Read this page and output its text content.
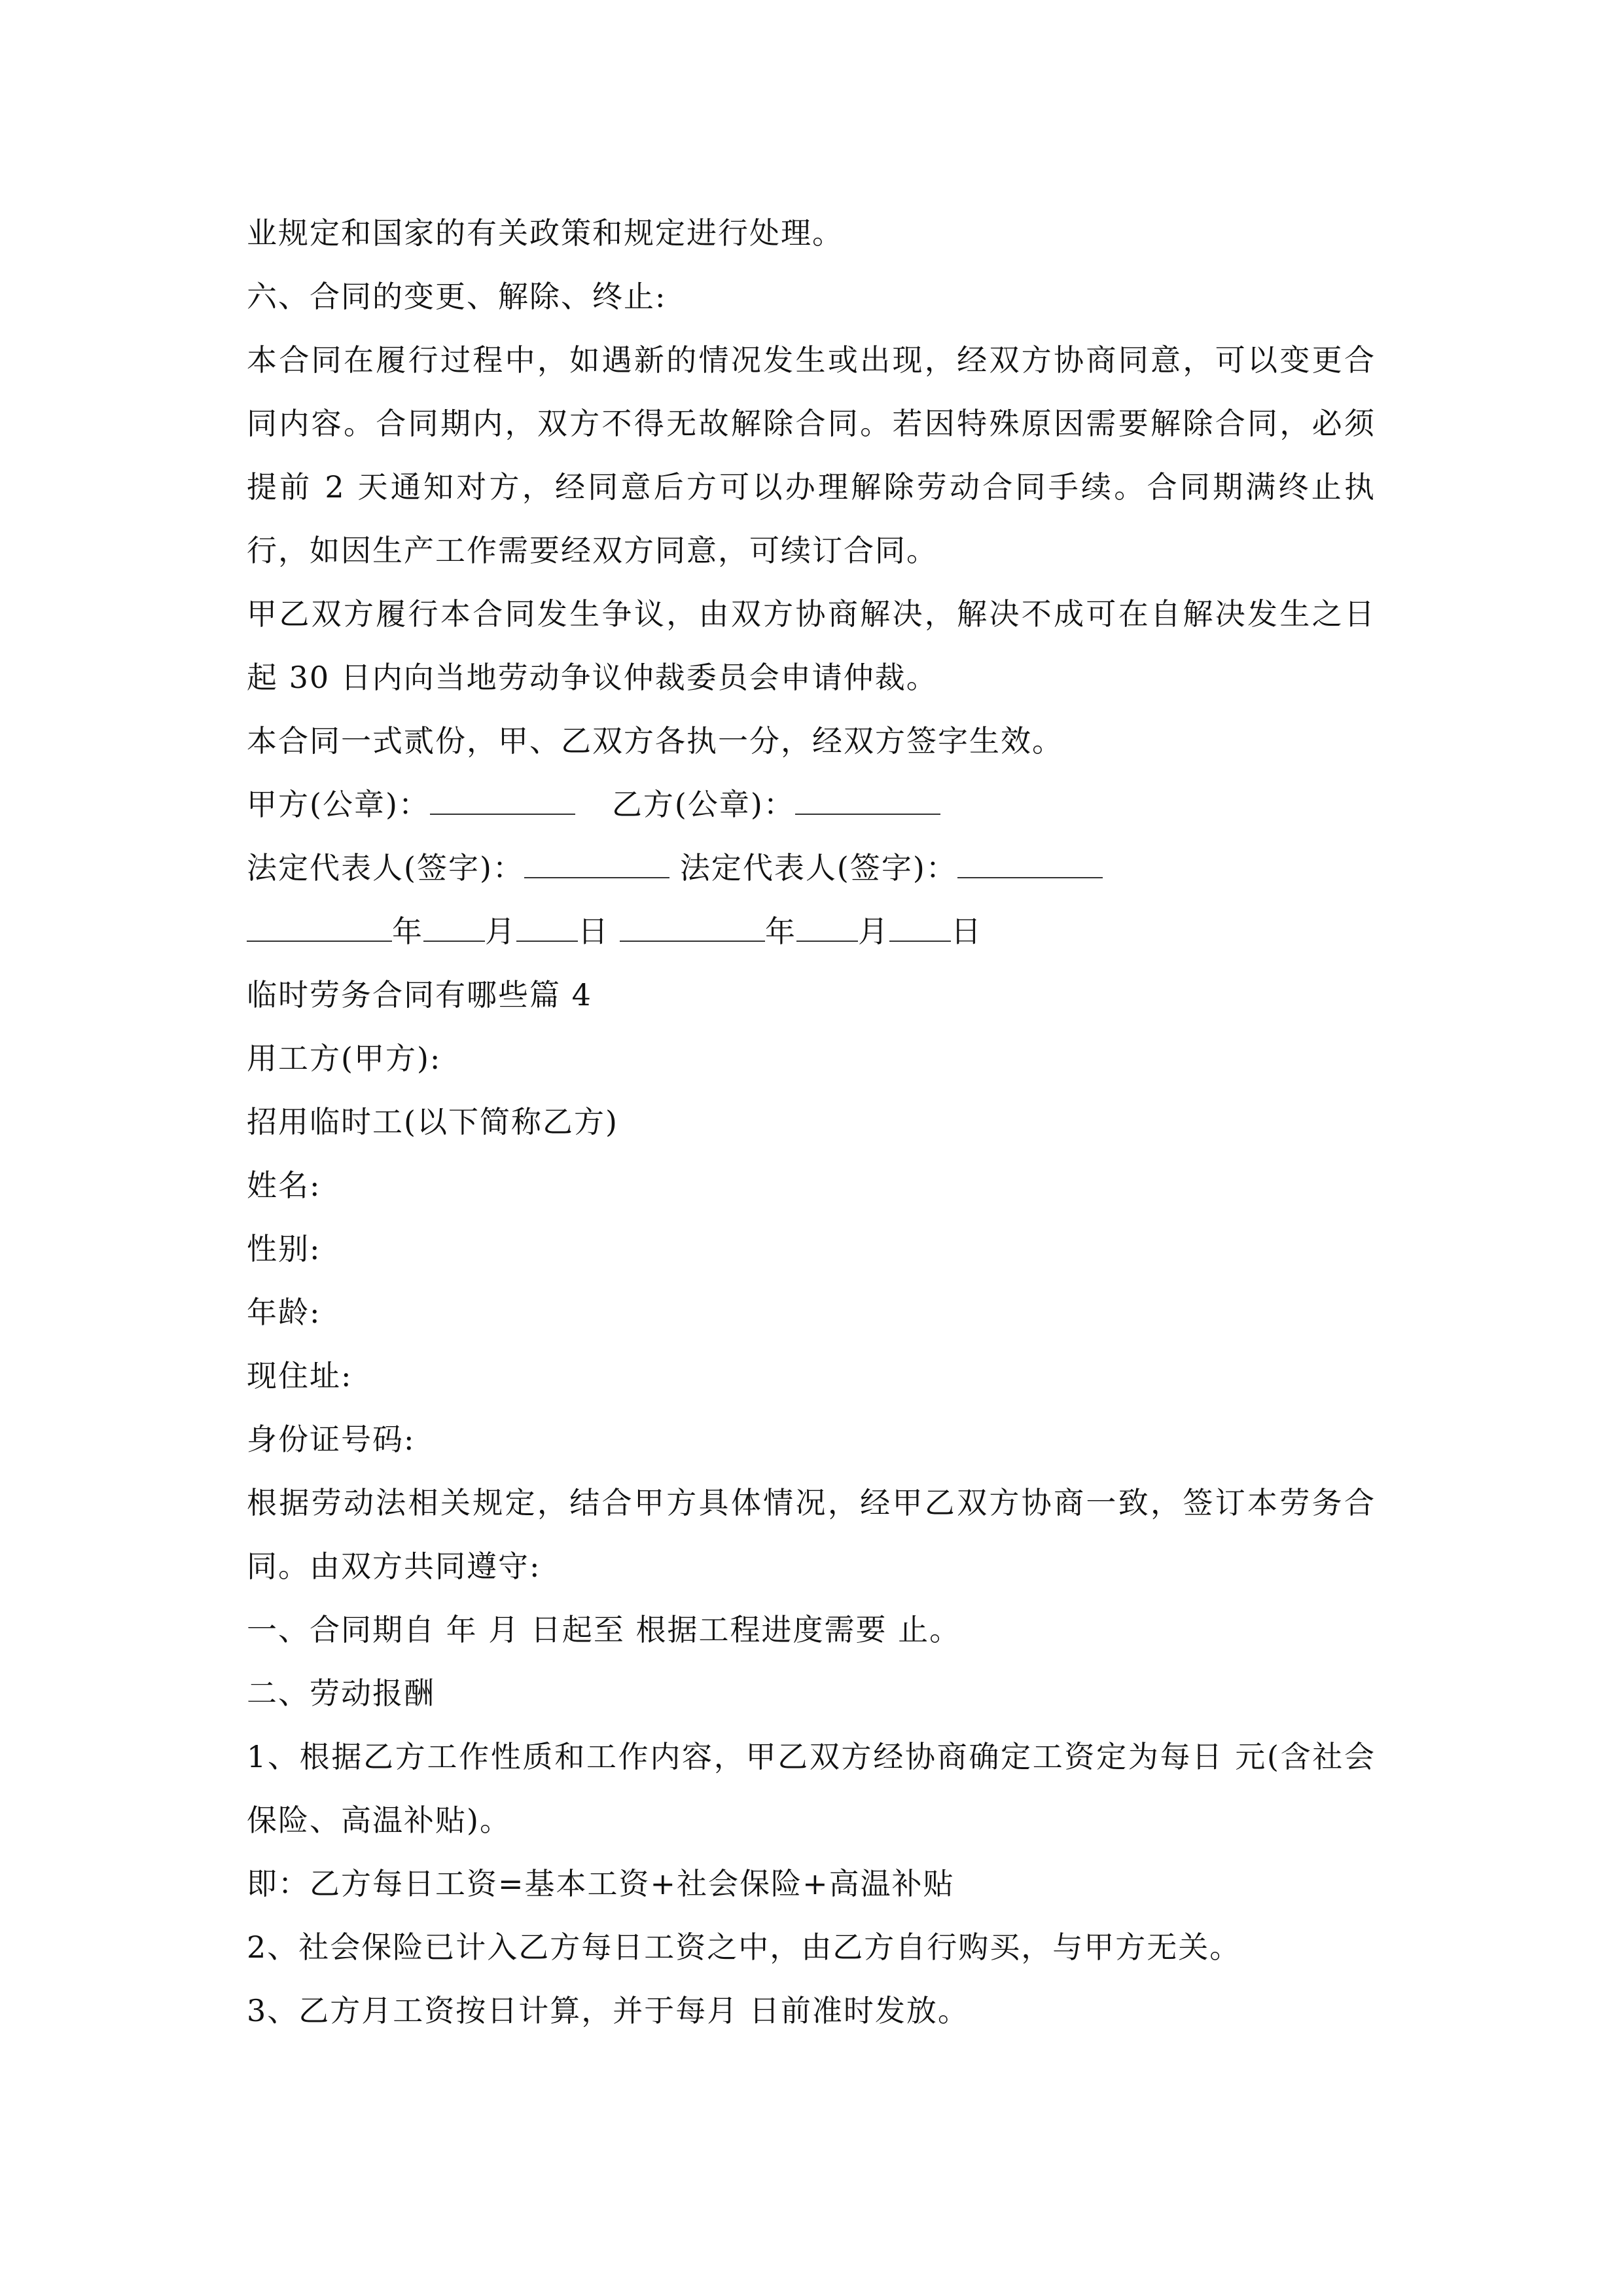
业规定和国家的有关政策和规定进行处理。

六、合同的变更、解除、终止:

本合同在履行过程中，如遇新的情况发生或出现，经双方协商同意，可以变更合同内容。合同期内，双方不得无故解除合同。若因特殊原因需要解除合同，必须提前 2 天通知对方，经同意后方可以办理解除劳动合同手续。合同期满终止执行，如因生产工作需要经双方同意，可续订合同。

甲乙双方履行本合同发生争议，由双方协商解决，解决不成可在自解决发生之日起 30 日内向当地劳动争议仲裁委员会申请仲裁。

本合同一式贰份，甲、乙双方各执一分，经双方签字生效。

甲方(公章)：	乙方(公章)：
法定代表人(签字)：	法定代表人(签字)：
年 月 日	年 月 日

临时劳务合同有哪些篇 4

用工方(甲方):

招用临时工(以下简称乙方)

姓名:

性别:

年龄:

现住址:

身份证号码:

根据劳动法相关规定，结合甲方具体情况，经甲乙双方协商一致，签订本劳务合同。由双方共同遵守:

一、合同期自 年 月 日起至 根据工程进度需要 止。

二、劳动报酬

1、根据乙方工作性质和工作内容，甲乙双方经协商确定工资定为每日 元(含社会保险、高温补贴)。

即：乙方每日工资=基本工资+社会保险+高温补贴

2、社会保险已计入乙方每日工资之中，由乙方自行购买，与甲方无关。

3、乙方月工资按日计算，并于每月 日前准时发放。
